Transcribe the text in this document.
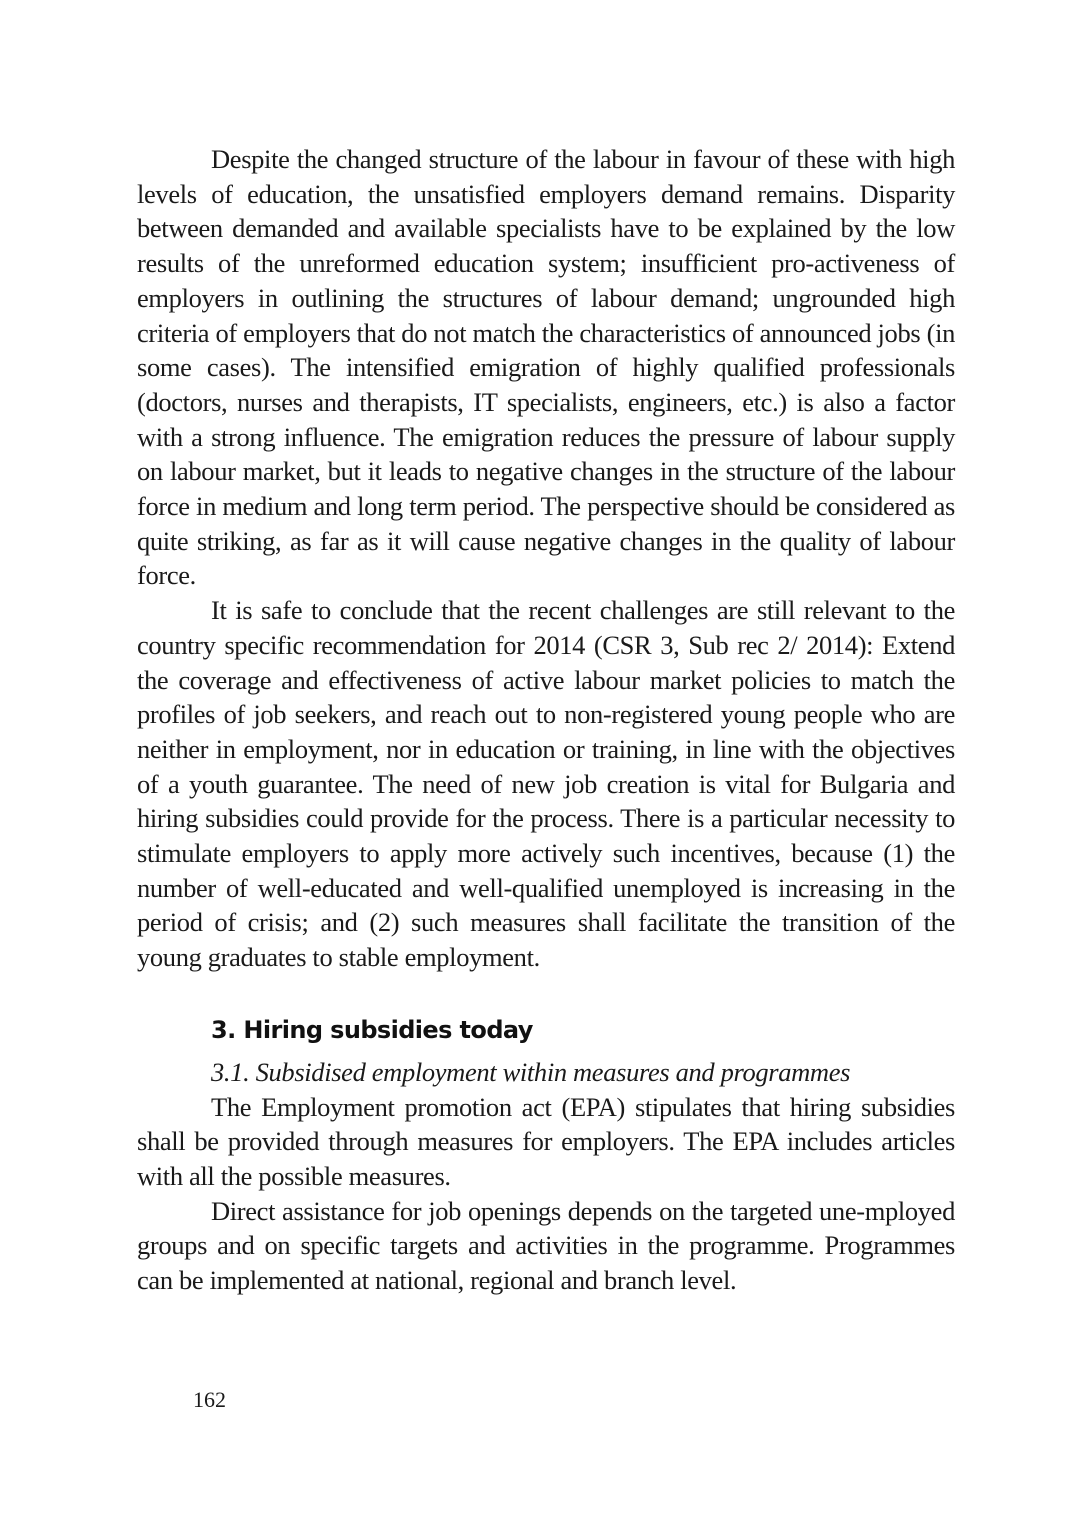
Despite the changed structure of the labour in favour of these with high levels of education, the unsatisfied employers demand remains. Disparity between demanded and available specialists have to be explained by the low results of the unreformed education system; insufficient pro-activeness of employers in outlining the structures of labour demand; ungrounded high criteria of employers that do not match the characteristics of announced jobs (in some cases). The intensified emigration of highly qualified professionals (doctors, nurses and therapists, IT specialists, engineers, etc.) is also a factor with a strong influence. The emigration reduces the pressure of labour supply on labour market, but it leads to negative changes in the structure of the labour force in medium and long term period. The perspective should be considered as quite striking, as far as it will cause negative changes in the quality of labour force.

It is safe to conclude that the recent challenges are still relevant to the country specific recommendation for 2014 (CSR 3, Sub rec 2/ 2014): Extend the coverage and effectiveness of active labour market policies to match the profiles of job seekers, and reach out to non-registered young people who are neither in employment, nor in education or training, in line with the objectives of a youth guarantee. The need of new job creation is vital for Bulgaria and hiring subsidies could provide for the process. There is a particular necessity to stimulate employers to apply more actively such incentives, because (1) the number of well-educated and well-qualified unemployed is increasing in the period of crisis; and (2) such measures shall facilitate the transition of the young graduates to stable employment.

3. Hiring subsidies today

3.1. Subsidised employment within measures and programmes

The Employment promotion act (EPA) stipulates that hiring subsidies shall be provided through measures for employers. The EPA includes articles with all the possible measures.

Direct assistance for job openings depends on the targeted une-mployed groups and on specific targets and activities in the programme. Programmes can be implemented at national, regional and branch level.

162
